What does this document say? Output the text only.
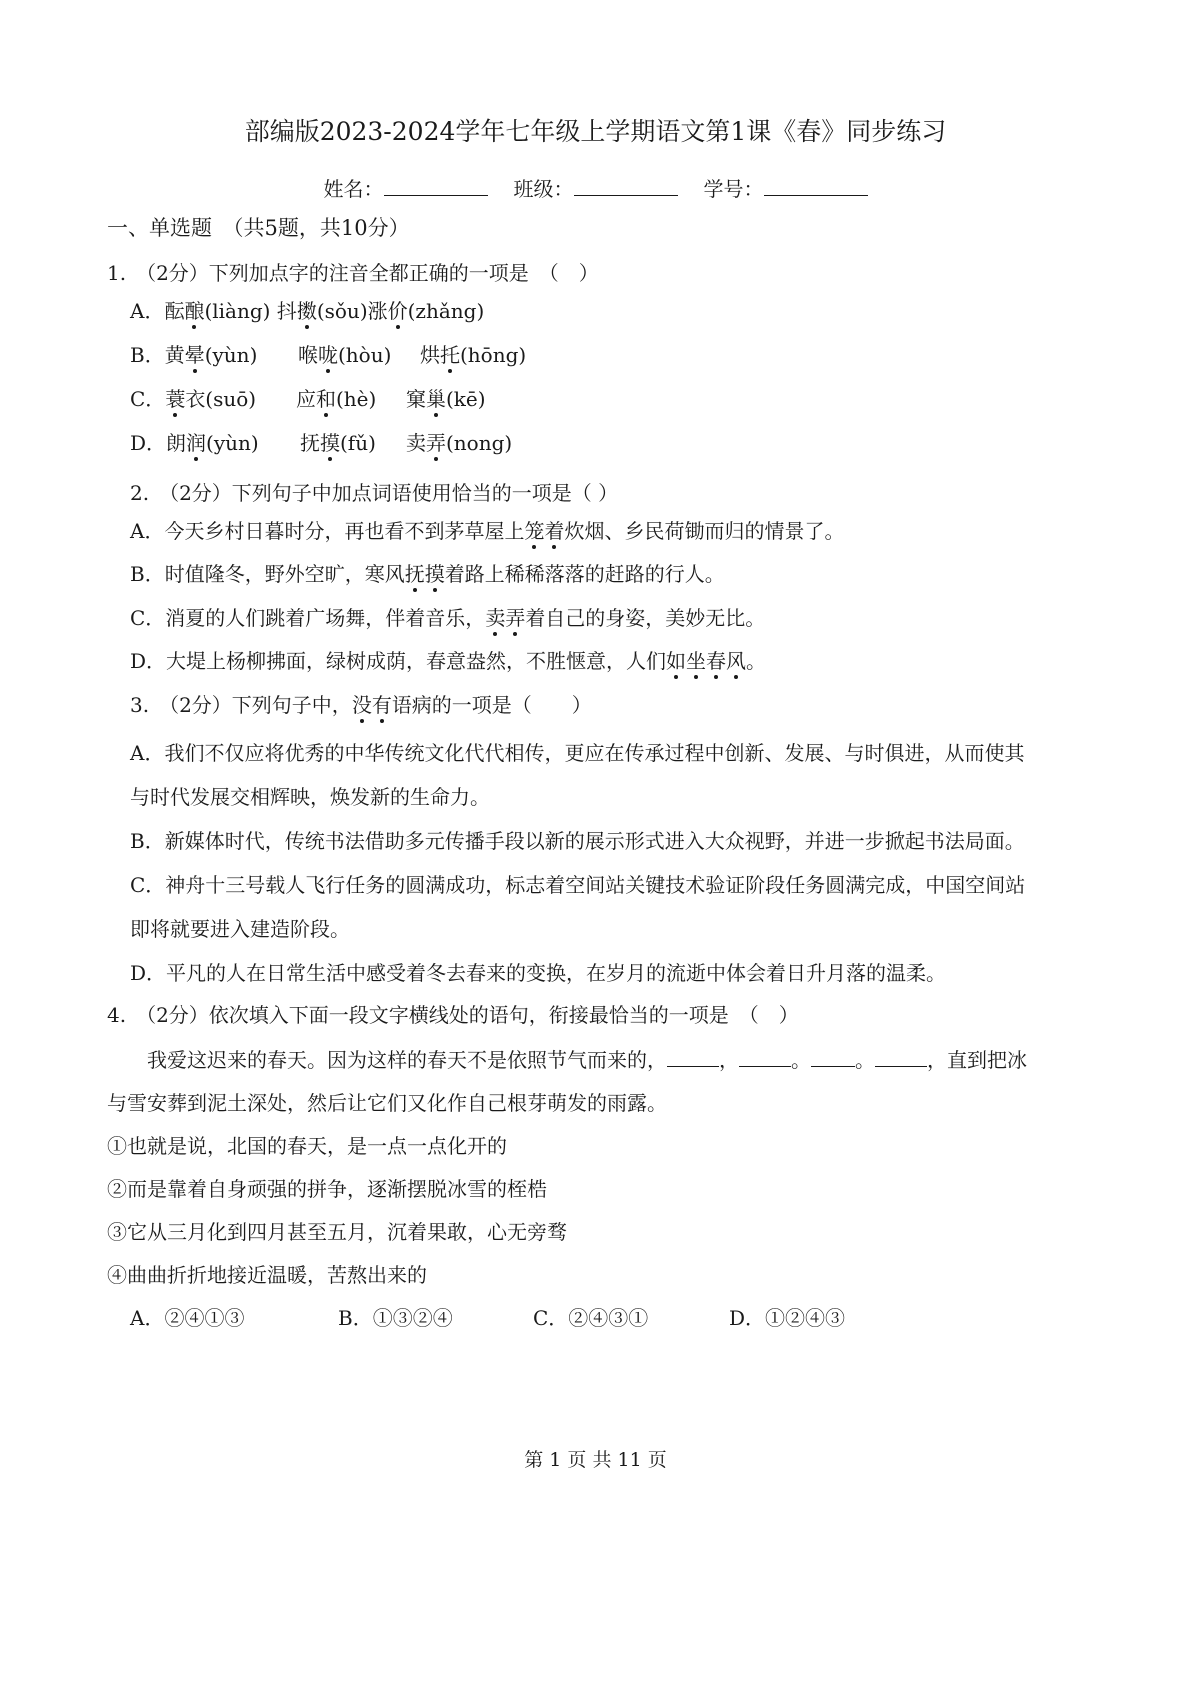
部编版2023-2024学年七年级上学期语文第1课《春》同步练习
姓名：	班级：	学号：
一、单选题　（共5题，共10分）
1.　（2分）下列加点字的注音全都正确的一项是　（　）
A．酝酿(liàng) 抖擞(sǒu)涨价(zhǎng)
B．黄晕(yùn) 喉咙(hòu) 烘托(hōng)
C．蓑衣(suō) 应和(hè) 窠巢(kē)
D．朗润(yùn) 抚摸(fǔ) 卖弄(nong)
2.　（2分）下列句子中加点词语使用恰当的一项是（ ）
A．今天乡村日暮时分，再也看不到茅草屋上笼着炊烟、乡民荷锄而归的情景了。
B．时值隆冬，野外空旷，寒风抚摸着路上稀稀落落的赶路的行人。
C．消夏的人们跳着广场舞，伴着音乐，卖弄着自己的身姿，美妙无比。
D．大堤上杨柳拂面，绿树成荫，春意盎然，不胜惬意，人们如坐春风。
3.　（2分）下列句子中，没有语病的一项是（　　）
A．我们不仅应将优秀的中华传统文化代代相传，更应在传承过程中创新、发展、与时俱进，从而使其
与时代发展交相辉映，焕发新的生命力。
B．新媒体时代，传统书法借助多元传播手段以新的展示形式进入大众视野，并进一步掀起书法局面。
C．神舟十三号载人飞行任务的圆满成功，标志着空间站关键技术验证阶段任务圆满完成，中国空间站
即将就要进入建造阶段。
D．平凡的人在日常生活中感受着冬去春来的变换，在岁月的流逝中体会着日升月落的温柔。
4.　（2分）依次填入下面一段文字横线处的语句，衔接最恰当的一项是　（　）
我爱这迟来的春天。因为这样的春天不是依照节气而来的，	，	。 。	，直到把冰
与雪安葬到泥土深处，然后让它们又化作自己根芽萌发的雨露。
①也就是说，北国的春天，是一点一点化开的
②而是靠着自身顽强的拼争，逐渐摆脱冰雪的桎梏
③它从三月化到四月甚至五月，沉着果敢，心无旁骛
④曲曲折折地接近温暖，苦熬出来的
A．②④①③	B．①③②④	C．②④③①	D．①②④③
第 1 页 共 11 页
